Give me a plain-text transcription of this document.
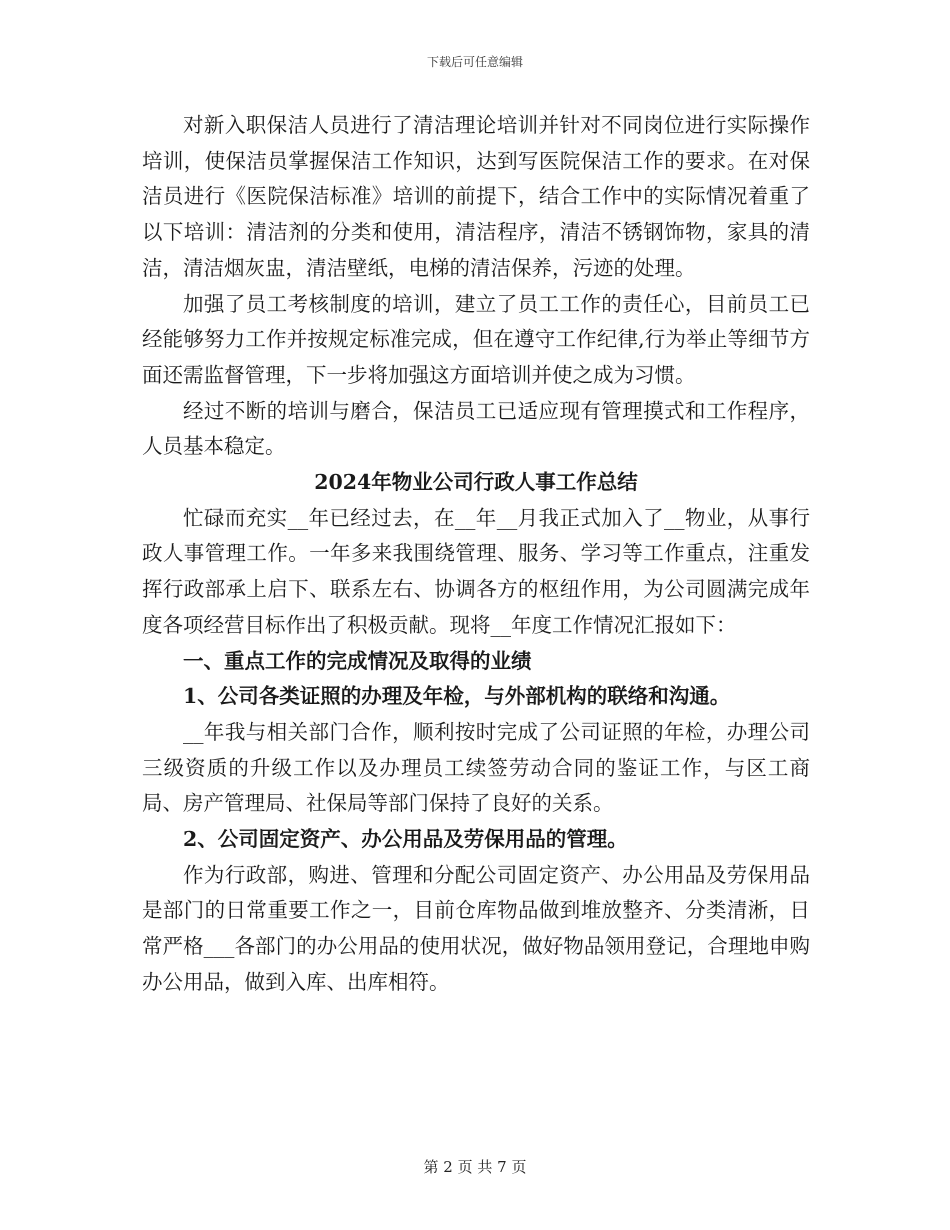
下载后可任意编辑

对新入职保洁人员进行了清洁理论培训并针对不同岗位进行实际操作培训，使保洁员掌握保洁工作知识，达到写医院保洁工作的要求。在对保洁员进行《医院保洁标准》培训的前提下，结合工作中的实际情况着重了以下培训：清洁剂的分类和使用，清洁程序，清洁不锈钢饰物，家具的清洁，清洁烟灰盅，清洁壁纸，电梯的清洁保养，污迹的处理。

加强了员工考核制度的培训，建立了员工工作的责任心，目前员工已经能够努力工作并按规定标准完成，但在遵守工作纪律,行为举止等细节方面还需监督管理，下一步将加强这方面培训并使之成为习惯。

经过不断的培训与磨合，保洁员工已适应现有管理摸式和工作程序，人员基本稳定。

2024年物业公司行政人事工作总结

忙碌而充实__年已经过去，在__年__月我正式加入了__物业，从事行政人事管理工作。一年多来我围绕管理、服务、学习等工作重点，注重发挥行政部承上启下、联系左右、协调各方的枢纽作用，为公司圆满完成年度各项经营目标作出了积极贡献。现将__年度工作情况汇报如下：

一、重点工作的完成情况及取得的业绩

1、公司各类证照的办理及年检，与外部机构的联络和沟通。

__年我与相关部门合作，顺利按时完成了公司证照的年检，办理公司三级资质的升级工作以及办理员工续签劳动合同的鉴证工作，与区工商局、房产管理局、社保局等部门保持了良好的关系。

2、公司固定资产、办公用品及劳保用品的管理。

作为行政部，购进、管理和分配公司固定资产、办公用品及劳保用品是部门的日常重要工作之一，目前仓库物品做到堆放整齐、分类清淅，日常严格___各部门的办公用品的使用状况，做好物品领用登记，合理地申购办公用品，做到入库、出库相符。

第 2 页 共 7 页
